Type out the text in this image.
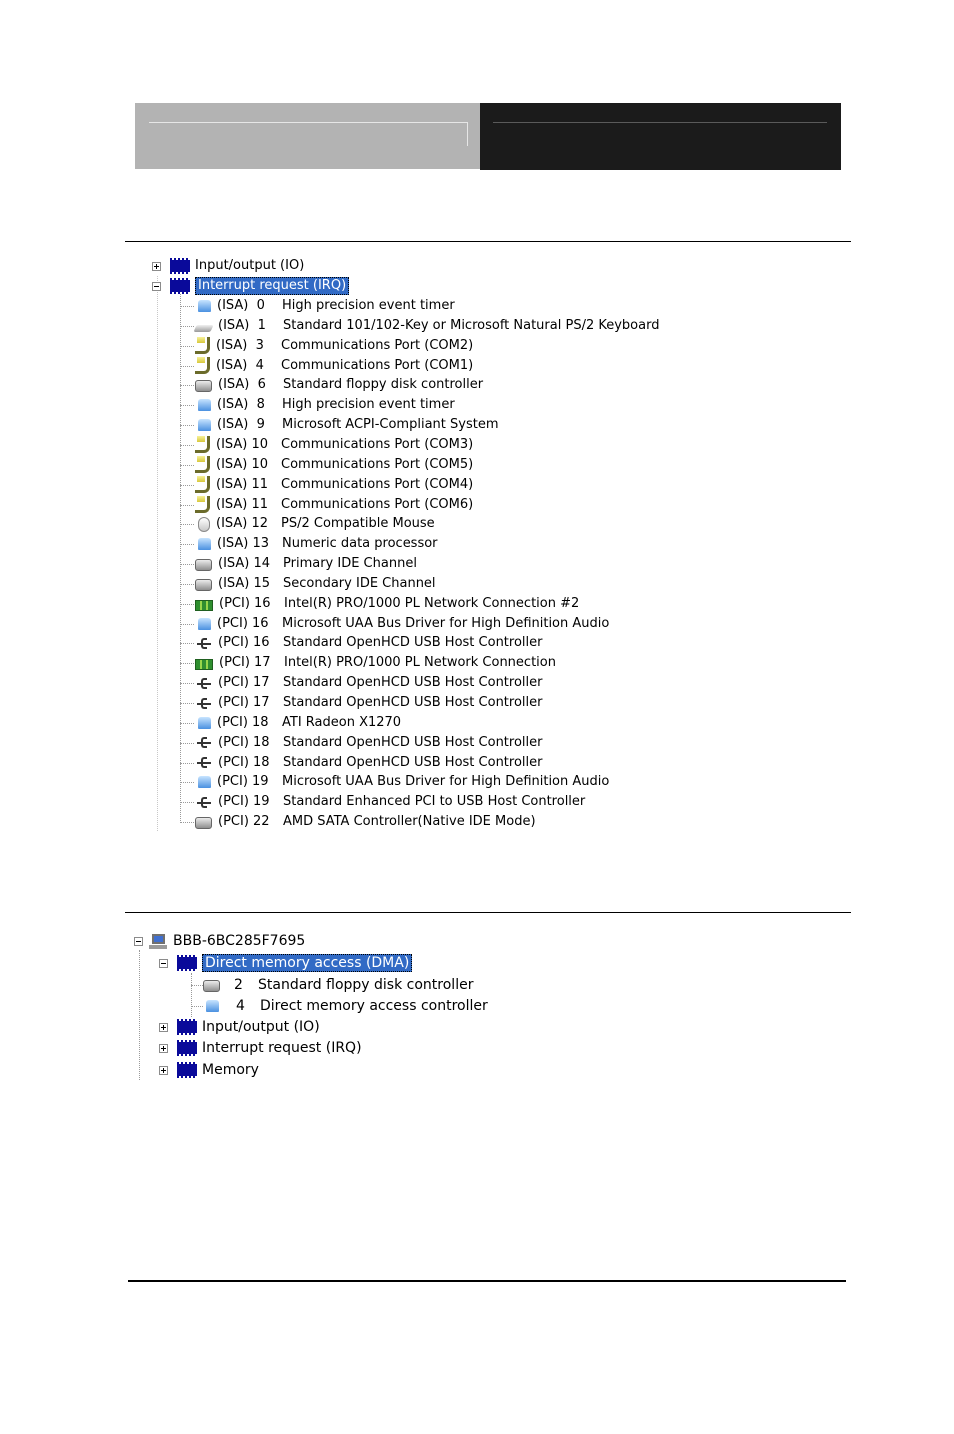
Input/output (IO)
Interrupt request (IRQ)
(ISA)  0	High precision event timer
(ISA)  1	Standard 101/102-Key or Microsoft Natural PS/2 Keyboard
(ISA)  3	Communications Port (COM2)
(ISA)  4	Communications Port (COM1)
(ISA)  6	Standard floppy disk controller
(ISA)  8	High precision event timer
(ISA)  9	Microsoft ACPI-Compliant System
(ISA) 10 Communications Port (COM3)
(ISA) 10 Communications Port (COM5)
(ISA) 11 Communications Port (COM4)
(ISA) 11 Communications Port (COM6)
(ISA) 12 PS/2 Compatible Mouse
(ISA) 13 Numeric data processor
(ISA) 14 Primary IDE Channel
(ISA) 15 Secondary IDE Channel
(PCI) 16	Intel(R) PRO/1000 PL Network Connection #2
(PCI) 16	Microsoft UAA Bus Driver for High Definition Audio
(PCI) 16	Standard OpenHCD USB Host Controller
(PCI) 17	Intel(R) PRO/1000 PL Network Connection
(PCI) 17	Standard OpenHCD USB Host Controller
(PCI) 17	Standard OpenHCD USB Host Controller
(PCI) 18	ATI Radeon X1270
(PCI) 18	Standard OpenHCD USB Host Controller
(PCI) 18	Standard OpenHCD USB Host Controller
(PCI) 19	Microsoft UAA Bus Driver for High Definition Audio
(PCI) 19	Standard Enhanced PCI to USB Host Controller
(PCI) 22	AMD SATA Controller(Native IDE Mode)
BBB-6BC285F7695
Direct memory access (DMA)
2	Standard floppy disk controller
4	Direct memory access controller
Input/output (IO)
Interrupt request (IRQ)
Memory
